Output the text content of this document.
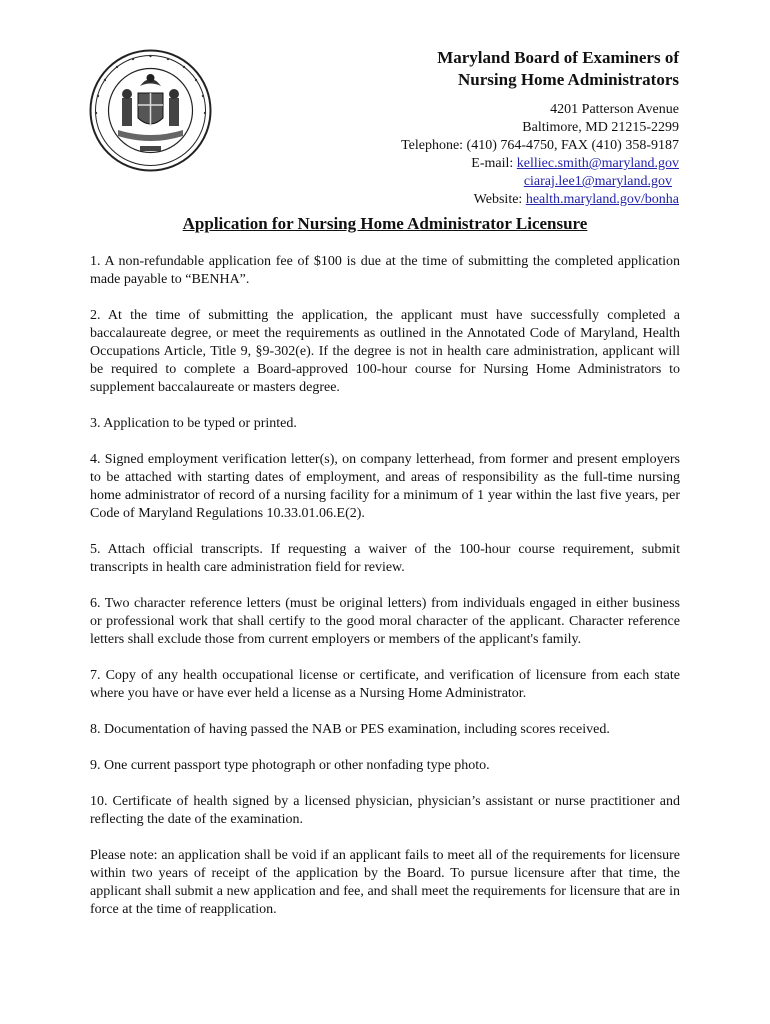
Maryland Board of Examiners of
Nursing Home Administrators
4201 Patterson Avenue
Baltimore, MD 21215-2299
Telephone: (410) 764-4750, FAX (410) 358-9187
E-mail: kelliec.smith@maryland.gov
ciaraj.lee1@maryland.gov
Website: health.maryland.gov/bonha
Application for Nursing Home Administrator Licensure

1. A non-refundable application fee of $100 is due at the time of submitting the completed application made payable to “BENHA”.

2. At the time of submitting the application, the applicant must have successfully completed a baccalaureate degree, or meet the requirements as outlined in the Annotated Code of Maryland, Health Occupations Article, Title 9, §9-302(e). If the degree is not in health care administration, applicant will be required to complete a Board-approved 100-hour course for Nursing Home Administrators to supplement baccalaureate or masters degree.

3. Application to be typed or printed.

4. Signed employment verification letter(s), on company letterhead, from former and present employers to be attached with starting dates of employment, and areas of responsibility as the full-time nursing home administrator of record of a nursing facility for a minimum of 1 year within the last five years, per Code of Maryland Regulations 10.33.01.06.E(2).

5. Attach official transcripts. If requesting a waiver of the 100-hour course requirement, submit transcripts in health care administration field for review.

6. Two character reference letters (must be original letters) from individuals engaged in either business or professional work that shall certify to the good moral character of the applicant. Character reference letters shall exclude those from current employers or members of the applicant's family.

7. Copy of any health occupational license or certificate, and verification of licensure from each state where you have or have ever held a license as a Nursing Home Administrator.

8. Documentation of having passed the NAB or PES examination, including scores received.

9. One current passport type photograph or other nonfading type photo.

10. Certificate of health signed by a licensed physician, physician’s assistant or nurse practitioner and reflecting the date of the examination.

Please note: an application shall be void if an applicant fails to meet all of the requirements for licensure within two years of receipt of the application by the Board. To pursue licensure after that time, the applicant shall submit a new application and fee, and shall meet the requirements for licensure that are in force at the time of reapplication.
